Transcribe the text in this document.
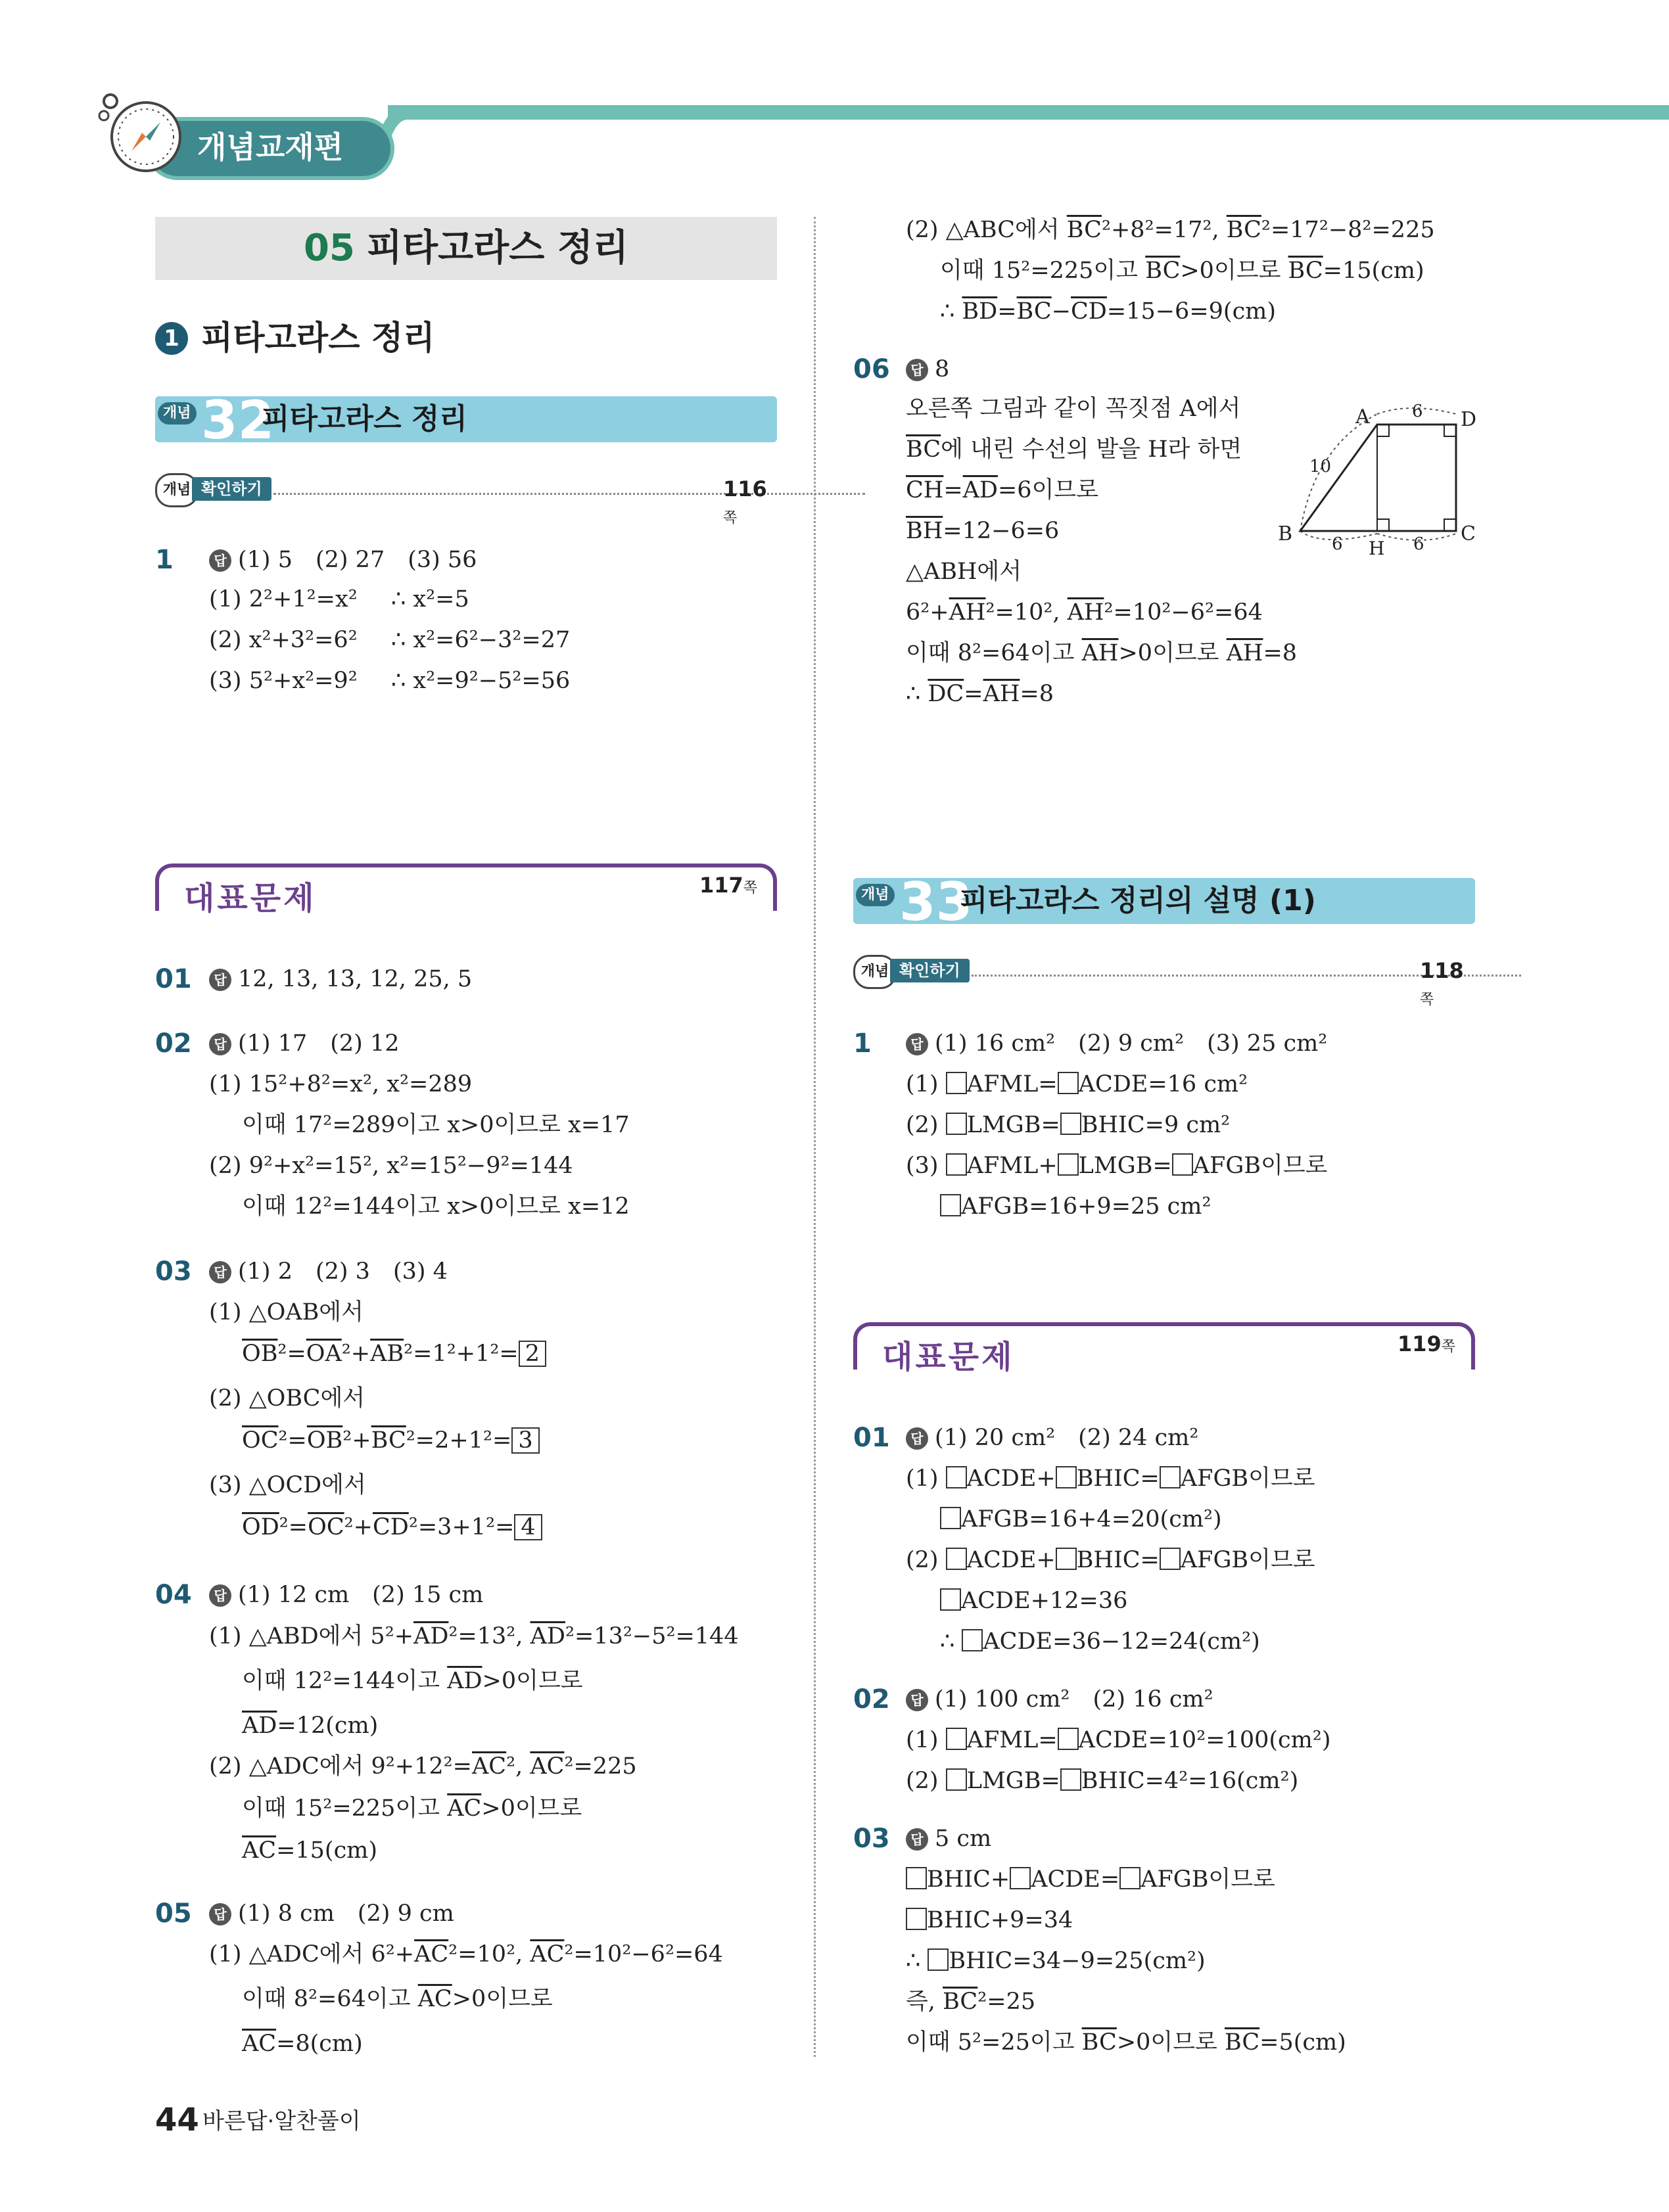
개념교재편
05 피타고라스 정리
1 피타고라스 정리
개념 32
피타고라스 정리
개념 확인하기	116쪽
1	답 (1) 5　(2) 27　(3) 56
(1) 2²+1²=x² ∴ x²=5
(2) x²+3²=6² ∴ x²=6²−3²=27
(3) 5²+x²=9² ∴ x²=9²−5²=56
대표문제	117쪽
01	답 12, 13, 13, 12, 25, 5
02	답 (1) 17　(2) 12
(1) 15²+8²=x², x²=289
이때 17²=289이고 x>0이므로 x=17
(2) 9²+x²=15², x²=15²−9²=144
이때 12²=144이고 x>0이므로 x=12
03	답 (1) 2　(2) 3　(3) 4
(1) △OAB에서
$\overline{OB}^2=\overline{OA}^2+\overline{AB}^2=1^2+1^2= 2$
(2) △OBC에서
$\overline{OC}^2=\overline{OB}^2+\overline{BC}^2=2+1^2= 3$
(3) △OCD에서
$\overline{OD}^2=\overline{OC}^2+\overline{CD}^2=3+1^2= 4$
04	답 (1) 12 cm　(2) 15 cm
(1) △ABD에서 $5^2+\overline{AD}^2=13^2$, $\overline{AD}^2=13^2-5^2=144$
이때 12²=144이고 $\overline{AD}>0$이므로
$\overline{AD}=12(cm)$
(2) △ADC에서 $9^2+12^2=\overline{AC}^2$, $\overline{AC}^2=225$
이때 15²=225이고 $\overline{AC}>0$이므로
$\overline{AC}=15(cm)$
05	답 (1) 8 cm　(2) 9 cm
(1) △ADC에서 $6^2+\overline{AC}^2=10^2$, $\overline{AC}^2=10^2-6^2=64$
이때 8²=64이고 $\overline{AC}>0$이므로
$\overline{AC}=8(cm)$
44 바른답·알찬풀이
(2) △ABC에서 $\overline{BC}^2+8^2=17^2$, $\overline{BC}^2=17^2-8^2=225$
이때 15²=225이고 $\overline{BC}>0$이므로 $\overline{BC}=15(cm)$
∴ $\overline{BD}=\overline{BC}-\overline{CD}=15-6=9(cm)$
06	답 8
오른쪽 그림과 같이 꼭짓점 A에서
$\overline{BC}$에 내린 수선의 발을 H라 하면
$\overline{CH}=\overline{AD}=6$이므로
$\overline{BH}=12-6=6$
△ABH에서
$6^2+\overline{AH}^2=10^2$, $\overline{AH}^2=10^2-6^2=64$
이때 8²=64이고 $\overline{AH}>0$이므로 $\overline{AH}=8$
∴ $\overline{DC}=\overline{AH}=8$
A	D
B	C
H
6
10
6	6
개념 33
피타고라스 정리의 설명 (1)
개념 확인하기	118쪽
1	답 (1) 16 cm²　(2) 9 cm²　(3) 25 cm²
(1) AFML= ACDE=16 cm²
(2) LMGB= BHIC=9 cm²
(3) AFML+ LMGB= AFGB이므로
AFGB=16+9=25 cm²
대표문제	119쪽
01	답 (1) 20 cm²　(2) 24 cm²
(1) ACDE+ BHIC= AFGB이므로
AFGB=16+4=20(cm²)
(2) ACDE+ BHIC= AFGB이므로
ACDE+12=36
∴ ACDE=36−12=24(cm²)
02	답 (1) 100 cm²　(2) 16 cm²
(1) AFML= ACDE=10²=100(cm²)
(2) LMGB= BHIC=4²=16(cm²)
03	답 5 cm
BHIC+ ACDE= AFGB이므로
BHIC+9=34
∴ BHIC=34−9=25(cm²)
즉, $\overline{BC}^2=25$
이때 5²=25이고 $\overline{BC}>0$이므로 $\overline{BC}=5(cm)$
